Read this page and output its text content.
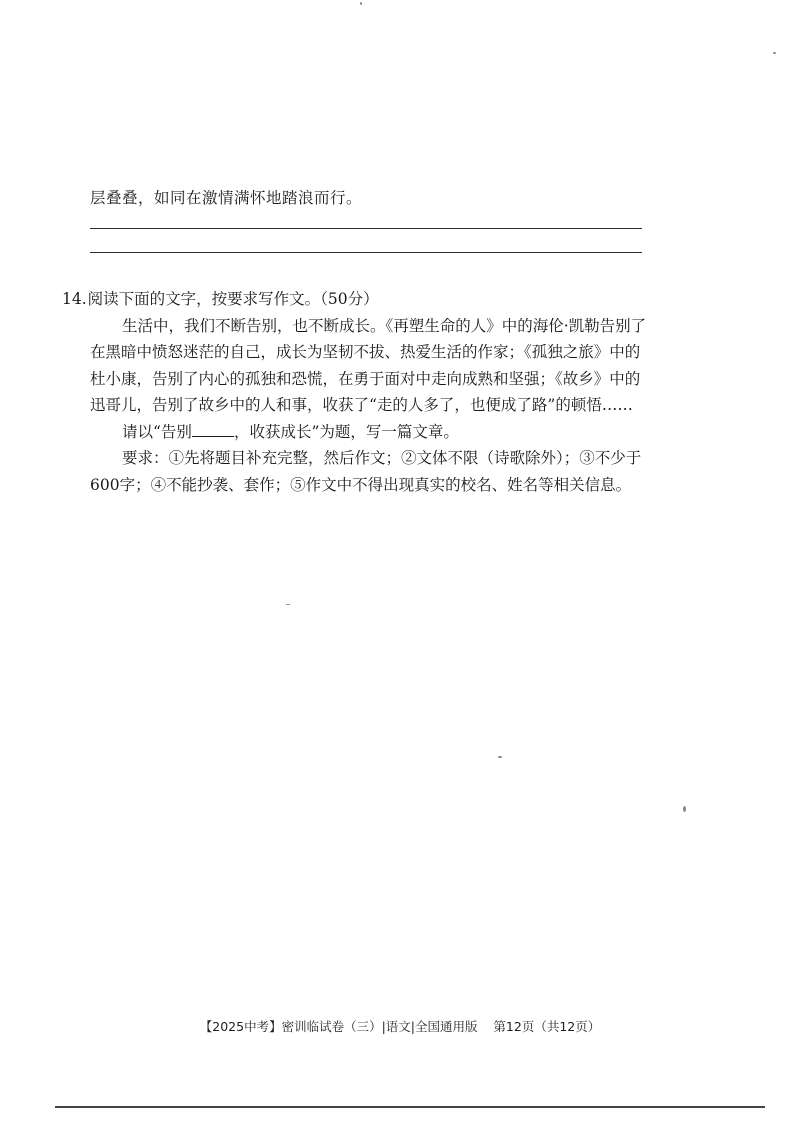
层叠叠，如同在激情满怀地踏浪而行。
14.阅读下面的文字，按要求写作文。（50分）
生活中，我们不断告别，也不断成长。《再塑生命的人》中的海伦·凯勒告别了在黑暗中愤怒迷茫的自己，成长为坚韧不拔、热爱生活的作家；《孤独之旅》中的杜小康，告别了内心的孤独和恐慌，在勇于面对中走向成熟和坚强；《故乡》中的迅哥儿，告别了故乡中的人和事，收获了“走的人多了，也便成了路”的顿悟……
请以“告别	，收获成长”为题，写一篇文章。
要求：①先将题目补充完整，然后作文；②文体不限（诗歌除外）；③不少于600字；④不能抄袭、套作；⑤作文中不得出现真实的校名、姓名等相关信息。
【2025中考】密训临试卷（三）|语文|全国通用版 第12页（共12页）
